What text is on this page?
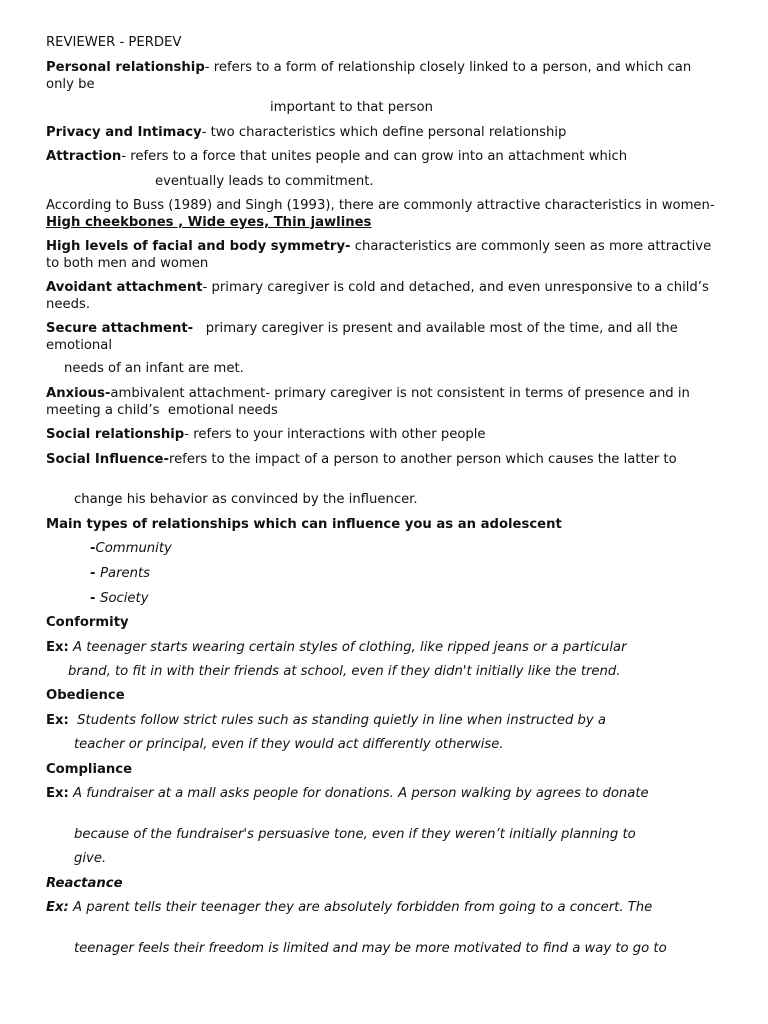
REVIEWER - PERDEV

Personal relationship- refers to a form of relationship closely linked to a person, and which can only be

important to that person

Privacy and Intimacy- two characteristics which define personal relationship

Attraction- refers to a force that unites people and can grow into an attachment which

eventually leads to commitment.

According to Buss (1989) and Singh (1993), there are commonly attractive characteristics in women- High cheekbones , Wide eyes, Thin jawlines

High levels of facial and body symmetry- characteristics are commonly seen as more attractive to both men and women

Avoidant attachment- primary caregiver is cold and detached, and even unresponsive to a child’s needs.

Secure attachment-   primary caregiver is present and available most of the time, and all the emotional

needs of an infant are met.

Anxious-ambivalent attachment- primary caregiver is not consistent in terms of presence and in meeting a child’s  emotional needs

Social relationship- refers to your interactions with other people

Social Influence-refers to the impact of a person to another person which causes the latter to

change his behavior as convinced by the influencer.

Main types of relationships which can influence you as an adolescent

-Community

- Parents

- Society

Conformity

Ex: A teenager starts wearing certain styles of clothing, like ripped jeans or a particular

brand, to fit in with their friends at school, even if they didn't initially like the trend.

Obedience

Ex:  Students follow strict rules such as standing quietly in line when instructed by a

teacher or principal, even if they would act differently otherwise.

Compliance

Ex: A fundraiser at a mall asks people for donations. A person walking by agrees to donate

because of the fundraiser's persuasive tone, even if they weren’t initially planning to

give.

Reactance

Ex: A parent tells their teenager they are absolutely forbidden from going to a concert. The

teenager feels their freedom is limited and may be more motivated to find a way to go to
